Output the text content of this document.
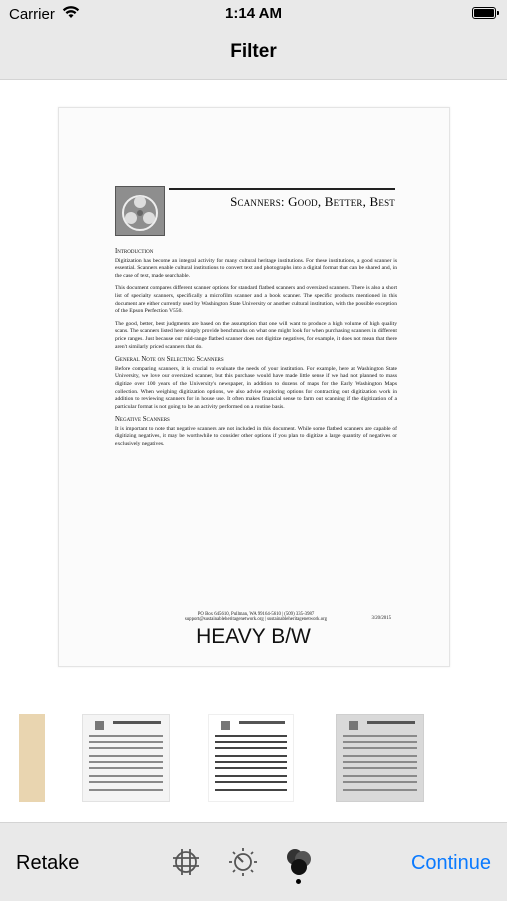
Carrier	1:14 AM
Filter
Scanners: Good, Better, Best
Introduction

Digitization has become an integral activity for many cultural heritage institutions. For these institutions, a good scanner is essential. Scanners enable cultural institutions to convert text and photographs into a digital format that can be shared and, in the case of text, made searchable.

This document compares different scanner options for standard flatbed scanners and oversized scanners. There is also a short list of specialty scanners, specifically a microfilm scanner and a book scanner. The specific products mentioned in this document are either currently used by Washington State University or another cultural institution, with the possible exception of the Epson Perfection V550.

The good, better, best judgments are based on the assumption that one will want to produce a high volume of high quality scans. The scanners listed here simply provide benchmarks on what one might look for when purchasing scanners in different price ranges. Just because our mid-range flatbed scanner does not digitize negatives, for example, it does not mean that there aren't similarly priced scanners that do.

General Note on Selecting Scanners

Before comparing scanners, it is crucial to evaluate the needs of your institution. For example, here at Washington State University, we love our oversized scanner, but this purchase would have made little sense if we had not planned to mass digitize over 100 years of the University's newspaper, in addition to dozens of maps for the Early Washington Maps collection. When weighing digitization options, we also advise exploring options for contracting out digitization work in addition to reviewing scanners for in house use. It often makes financial sense to farm out scanning if the digitization of a particular format is not going to be an activity performed on a routine basis.

Negative Scanners

It is important to note that negative scanners are not included in this document. While some flatbed scanners are capable of digitizing negatives, it may be worthwhile to consider other options if you plan to digitize a large quantity of negatives or exclusively negatives.

PO Box 645610, Pullman, WA 99164-5610 | (509) 335-3987
support@sustainableheritagenetwork.org | sustainableheritagenetwork.org	3/20/2015
HEAVY B/W
Retake	Continue
